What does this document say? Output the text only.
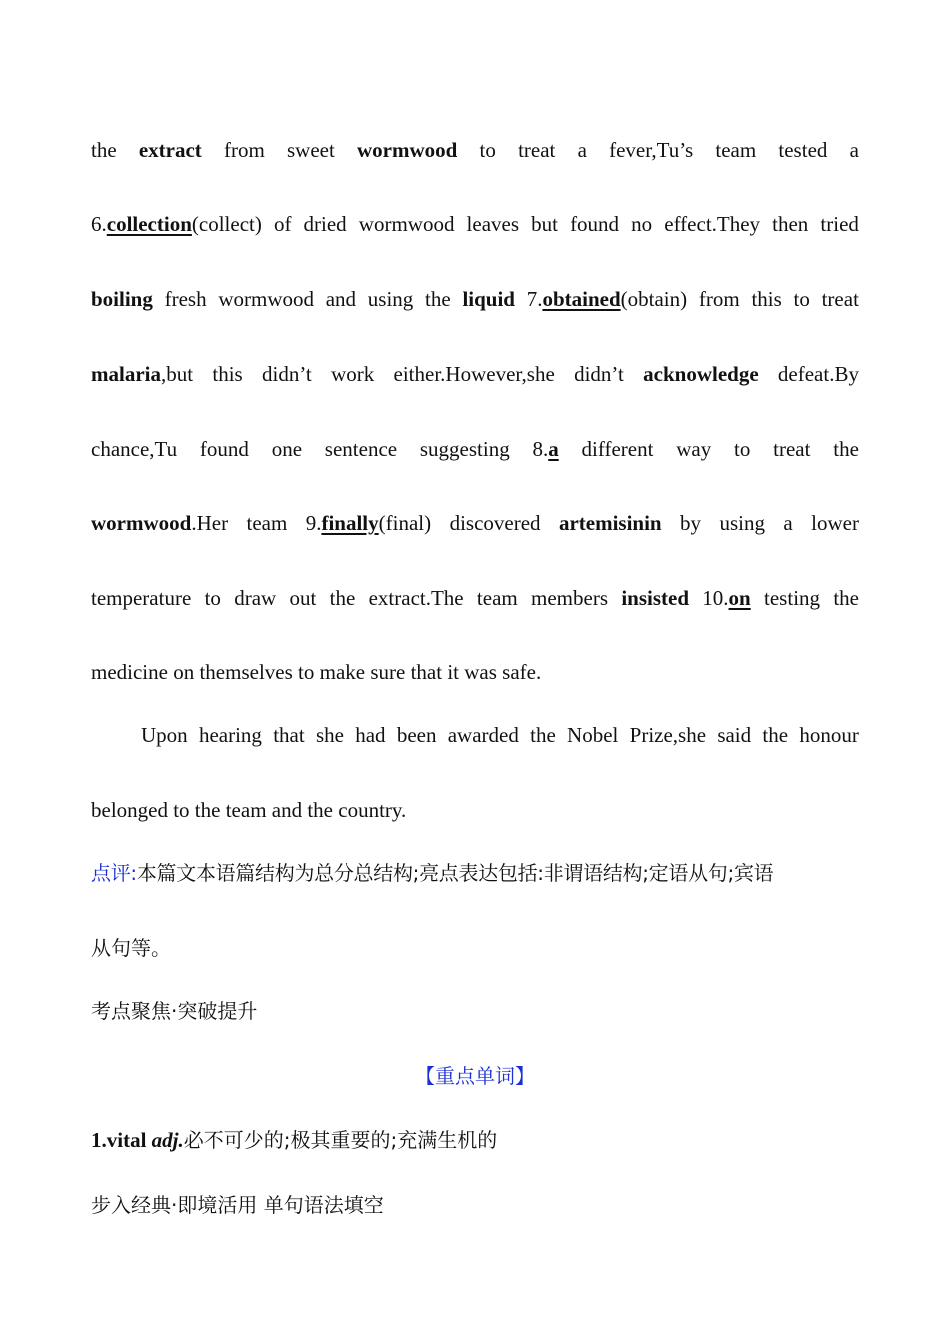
the extract from sweet wormwood to treat a fever,Tu’s team tested a
6.collection(collect) of dried wormwood leaves but found no effect.They then tried
boiling fresh wormwood and using the liquid 7.obtained(obtain) from this to treat
malaria,but this didn’t work either.However,she didn’t acknowledge defeat.By
chance,Tu found one sentence suggesting 8.a different way to treat the
wormwood.Her team 9.finally(final) discovered artemisinin by using a lower
temperature to draw out the extract.The team members insisted 10.on testing the
medicine on themselves to make sure that it was safe.
Upon hearing that she had been awarded the Nobel Prize,she said the honour
belonged to the team and the country.
点评:本篇文本语篇结构为总分总结构;亮点表达包括:非谓语结构;定语从句;宾语
从句等。
考点聚焦·突破提升
【重点单词】
1.vital adj.必不可少的;极其重要的;充满生机的
步入经典·即境活用 单句语法填空
